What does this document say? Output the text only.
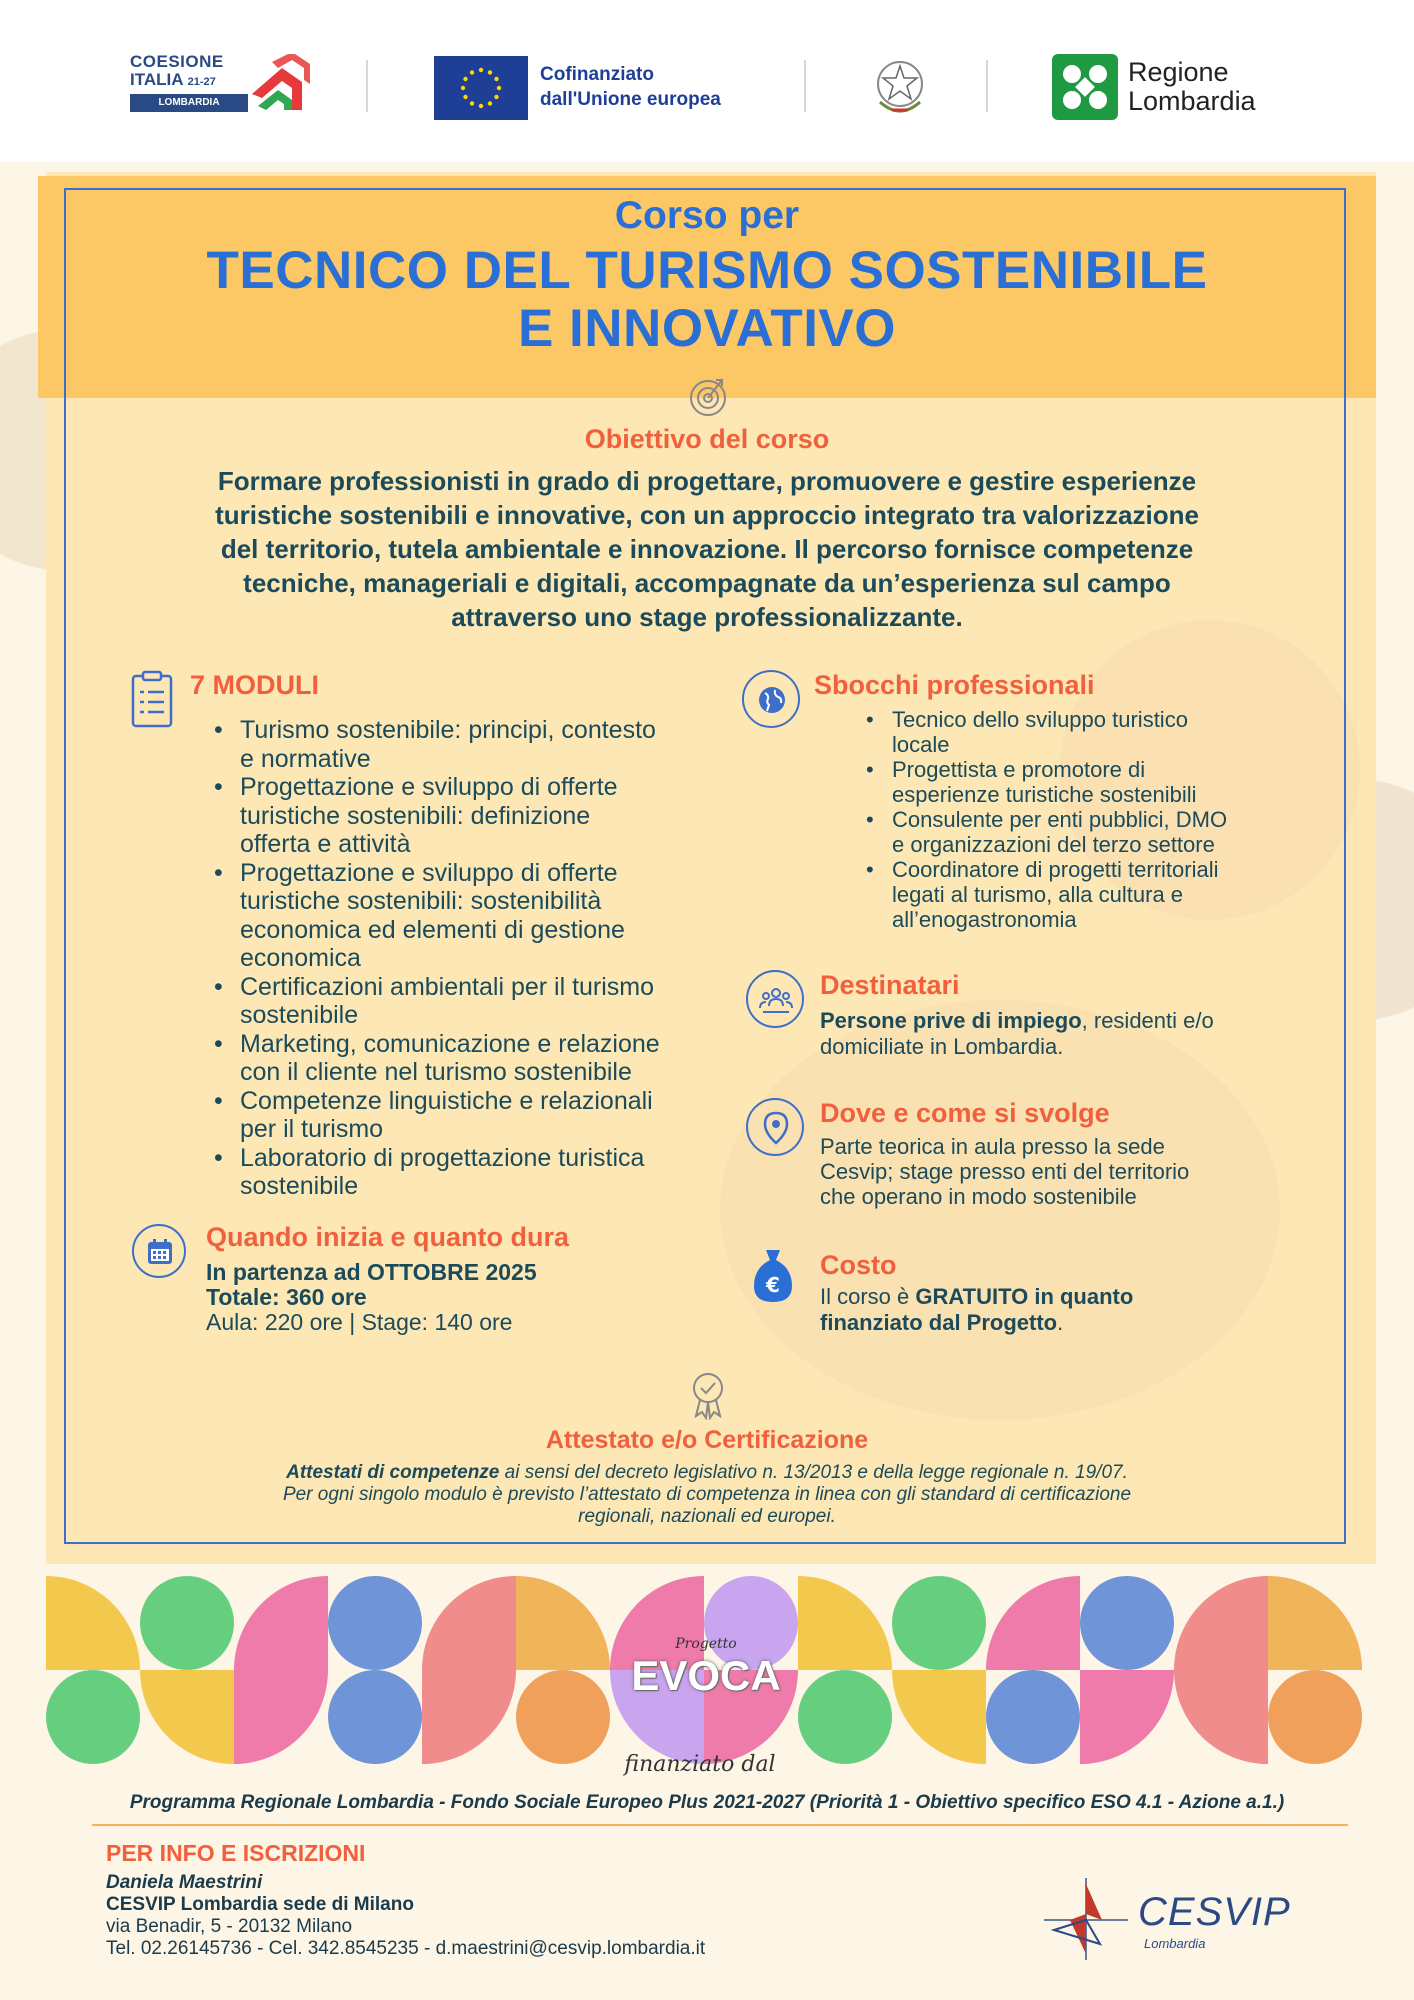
COESIONE
ITALIA 21-27
LOMBARDIA
Cofinanziato
dall'Unione europea
Regione
Lombardia
Corso per
TECNICO DEL TURISMO SOSTENIBILE
E INNOVATIVO
Obiettivo del corso
Formare professionisti in grado di progettare, promuovere e gestire esperienze
turistiche sostenibili e innovative, con un approccio integrato tra valorizzazione
del territorio, tutela ambientale e innovazione. Il percorso fornisce competenze
tecniche, manageriali e digitali, accompagnate da un’esperienza sul campo
attraverso uno stage professionalizzante.
7 MODULI
• Turismo sostenibile: principi, contesto
e normative
• Progettazione e sviluppo di offerte
turistiche sostenibili: definizione
offerta e attività
• Progettazione e sviluppo di offerte
turistiche sostenibili: sostenibilità
economica ed elementi di gestione
economica
• Certificazioni ambientali per il turismo
sostenibile
• Marketing, comunicazione e relazione
con il cliente nel turismo sostenibile
• Competenze linguistiche e relazionali
per il turismo
• Laboratorio di progettazione turistica
sostenibile
Quando inizia e quanto dura
In partenza ad OTTOBRE 2025
Totale: 360 ore
Aula: 220 ore | Stage: 140 ore
Sbocchi professionali
• Tecnico dello sviluppo turistico
locale
• Progettista e promotore di
esperienze turistiche sostenibili
• Consulente per enti pubblici, DMO
e organizzazioni del terzo settore
• Coordinatore di progetti territoriali
legati al turismo, alla cultura e
all’enogastronomia
Destinatari
Persone prive di impiego, residenti e/o
domiciliate in Lombardia.
Dove e come si svolge
Parte teorica in aula presso la sede
Cesvip; stage presso enti del territorio
che operano in modo sostenibile
€
Costo
Il corso è GRATUITO in quanto
finanziato dal Progetto.
Attestato e/o Certificazione
Attestati di competenze ai sensi del decreto legislativo n. 13/2013 e della legge regionale n. 19/07.
Per ogni singolo modulo è previsto l’attestato di competenza in linea con gli standard di certificazione
regionali, nazionali ed europei.
Progetto
EVOCA
finanziato dal
Programma Regionale Lombardia - Fondo Sociale Europeo Plus 2021-2027 (Priorità 1 - Obiettivo specifico ESO 4.1 - Azione a.1.)
PER INFO E ISCRIZIONI
Daniela Maestrini
CESVIP Lombardia sede di Milano
via Benadir, 5 - 20132 Milano
Tel. 02.26145736 - Cel. 342.8545235 - d.maestrini@cesvip.lombardia.it
CESVIP
Lombardia
